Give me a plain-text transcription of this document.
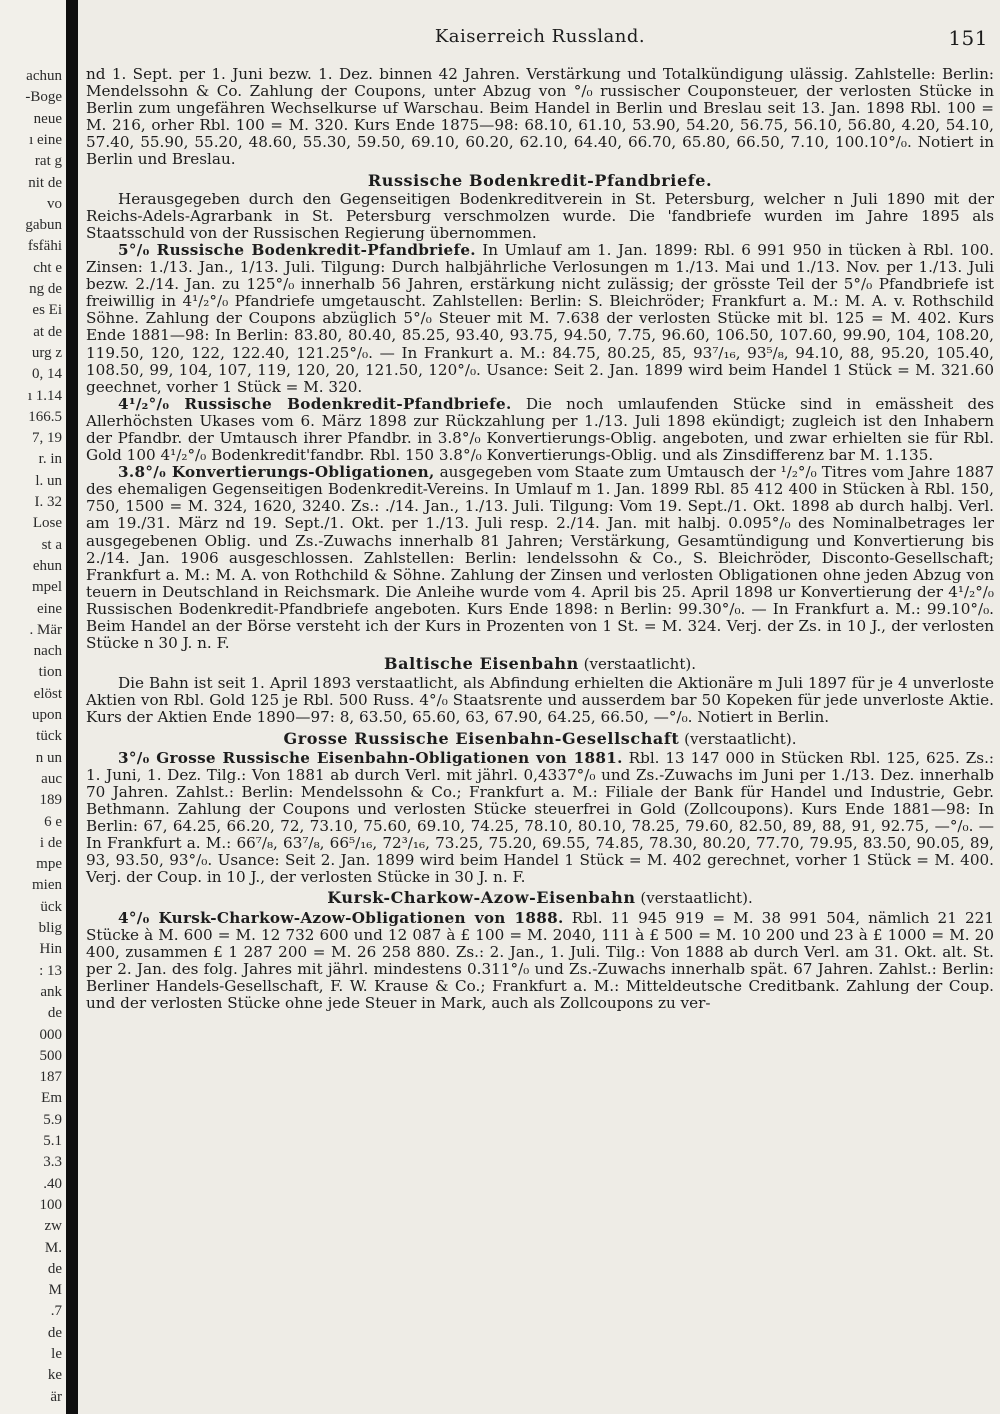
achun
-Boge
neue
ı eine
rat g
nit de
vo
gabun
fsfähi
cht e
ng de
es Ei
at de
urg z
0, 14
ı 1.14
166.5
7, 19
r. in
l. un
I. 32
Lose
st a
ehun
mpel
eine
. Mär
nach
tion
elöst
upon
tück
n un
auc
189
6 e
i de
mpe
mien
ück
blig
Hin
: 13
ank
de
000
500
187
Em
5.9
5.1
3.3
.40
100
zw
M.
de
M
.7
de
le
ke
är
Kaiserreich Russland.	151

nd 1. Sept. per 1. Juni bezw. 1. Dez. binnen 42 Jahren. Verstärkung und Totalkündigung ulässig. Zahlstelle: Berlin: Mendelssohn & Co. Zahlung der Coupons, unter Abzug von °/₀ russischer Couponsteuer, der verlosten Stücke in Berlin zum ungefähren Wechselkurse uf Warschau. Beim Handel in Berlin und Breslau seit 13. Jan. 1898 Rbl. 100 = M. 216, orher Rbl. 100 = M. 320. Kurs Ende 1875—98: 68.10, 61.10, 53.90, 54.20, 56.75, 56.10, 56.80, 4.20, 54.10, 57.40, 55.90, 55.20, 48.60, 55.30, 59.50, 69.10, 60.20, 62.10, 64.40, 66.70, 65.80, 66.50, 7.10, 100.10°/₀. Notiert in Berlin und Breslau.

Russische Bodenkredit-Pfandbriefe.

Herausgegeben durch den Gegenseitigen Bodenkreditverein in St. Petersburg, welcher n Juli 1890 mit der Reichs-Adels-Agrarbank in St. Petersburg verschmolzen wurde. Die 'fandbriefe wurden im Jahre 1895 als Staatsschuld von der Russischen Regierung übernommen.

5°/₀ Russische Bodenkredit-Pfandbriefe. In Umlauf am 1. Jan. 1899: Rbl. 6 991 950 in tücken à Rbl. 100. Zinsen: 1./13. Jan., 1/13. Juli. Tilgung: Durch halbjährliche Verlosungen m 1./13. Mai und 1./13. Nov. per 1./13. Juli bezw. 2./14. Jan. zu 125°/₀ innerhalb 56 Jahren, erstärkung nicht zulässig; der grösste Teil der 5°/₀ Pfandbriefe ist freiwillig in 4¹/₂°/₀ Pfandriefe umgetauscht. Zahlstellen: Berlin: S. Bleichröder; Frankfurt a. M.: M. A. v. Rothschild Söhne. Zahlung der Coupons abzüglich 5°/₀ Steuer mit M. 7.638 der verlosten Stücke mit bl. 125 = M. 402. Kurs Ende 1881—98: In Berlin: 83.80, 80.40, 85.25, 93.40, 93.75, 94.50, 7.75, 96.60, 106.50, 107.60, 99.90, 104, 108.20, 119.50, 120, 122, 122.40, 121.25°/₀. — In Frankurt a. M.: 84.75, 80.25, 85, 93⁷/₁₆, 93⁵/₈, 94.10, 88, 95.20, 105.40, 108.50, 99, 104, 107, 119, 120, 20, 121.50, 120°/₀. Usance: Seit 2. Jan. 1899 wird beim Handel 1 Stück = M. 321.60 geechnet, vorher 1 Stück = M. 320.

4¹/₂°/₀ Russische Bodenkredit-Pfandbriefe. Die noch umlaufenden Stücke sind in emässheit des Allerhöchsten Ukases vom 6. März 1898 zur Rückzahlung per 1./13. Juli 1898 ekündigt; zugleich ist den Inhabern der Pfandbr. der Umtausch ihrer Pfandbr. in 3.8°/₀ Konvertierungs-Oblig. angeboten, und zwar erhielten sie für Rbl. Gold 100 4¹/₂°/₀ Bodenkredit'fandbr. Rbl. 150 3.8°/₀ Konvertierungs-Oblig. und als Zinsdifferenz bar M. 1.135.

3.8°/₀ Konvertierungs-Obligationen, ausgegeben vom Staate zum Umtausch der ¹/₂°/₀ Titres vom Jahre 1887 des ehemaligen Gegenseitigen Bodenkredit-Vereins. In Umlauf m 1. Jan. 1899 Rbl. 85 412 400 in Stücken à Rbl. 150, 750, 1500 = M. 324, 1620, 3240. Zs.: ./14. Jan., 1./13. Juli. Tilgung: Vom 19. Sept./1. Okt. 1898 ab durch halbj. Verl. am 19./31. März nd 19. Sept./1. Okt. per 1./13. Juli resp. 2./14. Jan. mit halbj. 0.095°/₀ des Nominalbetrages ler ausgegebenen Oblig. und Zs.-Zuwachs innerhalb 81 Jahren; Verstärkung, Gesamtündigung und Konvertierung bis 2./14. Jan. 1906 ausgeschlossen. Zahlstellen: Berlin: lendelssohn & Co., S. Bleichröder, Disconto-Gesellschaft; Frankfurt a. M.: M. A. von Rothchild & Söhne. Zahlung der Zinsen und verlosten Obligationen ohne jeden Abzug von teuern in Deutschland in Reichsmark. Die Anleihe wurde vom 4. April bis 25. April 1898 ur Konvertierung der 4¹/₂°/₀ Russischen Bodenkredit-Pfandbriefe angeboten. Kurs Ende 1898: n Berlin: 99.30°/₀. — In Frankfurt a. M.: 99.10°/₀. Beim Handel an der Börse versteht ich der Kurs in Prozenten von 1 St. = M. 324. Verj. der Zs. in 10 J., der verlosten Stücke n 30 J. n. F.

Baltische Eisenbahn (verstaatlicht).

Die Bahn ist seit 1. April 1893 verstaatlicht, als Abfindung erhielten die Aktionäre m Juli 1897 für je 4 unverloste Aktien von Rbl. Gold 125 je Rbl. 500 Russ. 4°/₀ Staatsrente und ausserdem bar 50 Kopeken für jede unverloste Aktie. Kurs der Aktien Ende 1890—97: 8, 63.50, 65.60, 63, 67.90, 64.25, 66.50, —°/₀. Notiert in Berlin.

Grosse Russische Eisenbahn-Gesellschaft (verstaatlicht).

3°/₀ Grosse Russische Eisenbahn-Obligationen von 1881. Rbl. 13 147 000 in Stücken Rbl. 125, 625. Zs.: 1. Juni, 1. Dez. Tilg.: Von 1881 ab durch Verl. mit jährl. 0,4337°/₀ und Zs.-Zuwachs im Juni per 1./13. Dez. innerhalb 70 Jahren. Zahlst.: Berlin: Mendelssohn & Co.; Frankfurt a. M.: Filiale der Bank für Handel und Industrie, Gebr. Bethmann. Zahlung der Coupons und verlosten Stücke steuerfrei in Gold (Zollcoupons). Kurs Ende 1881—98: In Berlin: 67, 64.25, 66.20, 72, 73.10, 75.60, 69.10, 74.25, 78.10, 80.10, 78.25, 79.60, 82.50, 89, 88, 91, 92.75, —°/₀. — In Frankfurt a. M.: 66⁷/₈, 63⁷/₈, 66⁵/₁₆, 72³/₁₆, 73.25, 75.20, 69.55, 74.85, 78.30, 80.20, 77.70, 79.95, 83.50, 90.05, 89, 93, 93.50, 93°/₀. Usance: Seit 2. Jan. 1899 wird beim Handel 1 Stück = M. 402 gerechnet, vorher 1 Stück = M. 400. Verj. der Coup. in 10 J., der verlosten Stücke in 30 J. n. F.

Kursk-Charkow-Azow-Eisenbahn (verstaatlicht).

4°/₀ Kursk-Charkow-Azow-Obligationen von 1888. Rbl. 11 945 919 = M. 38 991 504, nämlich 21 221 Stücke à M. 600 = M. 12 732 600 und 12 087 à £ 100 = M. 2040, 111 à £ 500 = M. 10 200 und 23 à £ 1000 = M. 20 400, zusammen £ 1 287 200 = M. 26 258 880. Zs.: 2. Jan., 1. Juli. Tilg.: Von 1888 ab durch Verl. am 31. Okt. alt. St. per 2. Jan. des folg. Jahres mit jährl. mindestens 0.311°/₀ und Zs.-Zuwachs innerhalb spät. 67 Jahren. Zahlst.: Berlin: Berliner Handels-Gesellschaft, F. W. Krause & Co.; Frankfurt a. M.: Mitteldeutsche Creditbank. Zahlung der Coup. und der verlosten Stücke ohne jede Steuer in Mark, auch als Zollcoupons zu ver-
